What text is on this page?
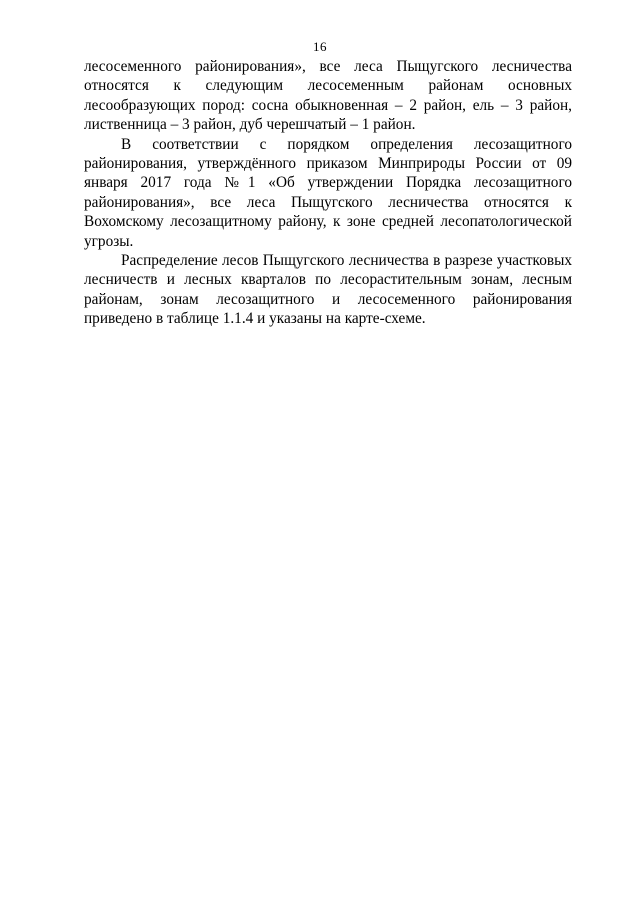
16

лесосеменного районирования», все леса Пыщугского лесничества относятся к следующим лесосеменным районам основных лесообразующих пород: сосна обыкновенная – 2 район, ель – 3 район, лиственница – 3 район, дуб черешчатый – 1 район.

В соответствии с порядком определения лесозащитного районирования, утверждённого приказом Минприроды России от 09 января 2017 года №1 «Об утверждении Порядка лесозащитного районирования», все леса Пыщугского лесничества относятся к Вохомскому лесозащитному району, к зоне средней лесопатологической угрозы.

Распределение лесов Пыщугского лесничества в разрезе участковых лесничеств и лесных кварталов по лесорастительным зонам, лесным районам, зонам лесозащитного и лесосеменного районирования приведено в таблице 1.1.4 и указаны на карте-схеме.
